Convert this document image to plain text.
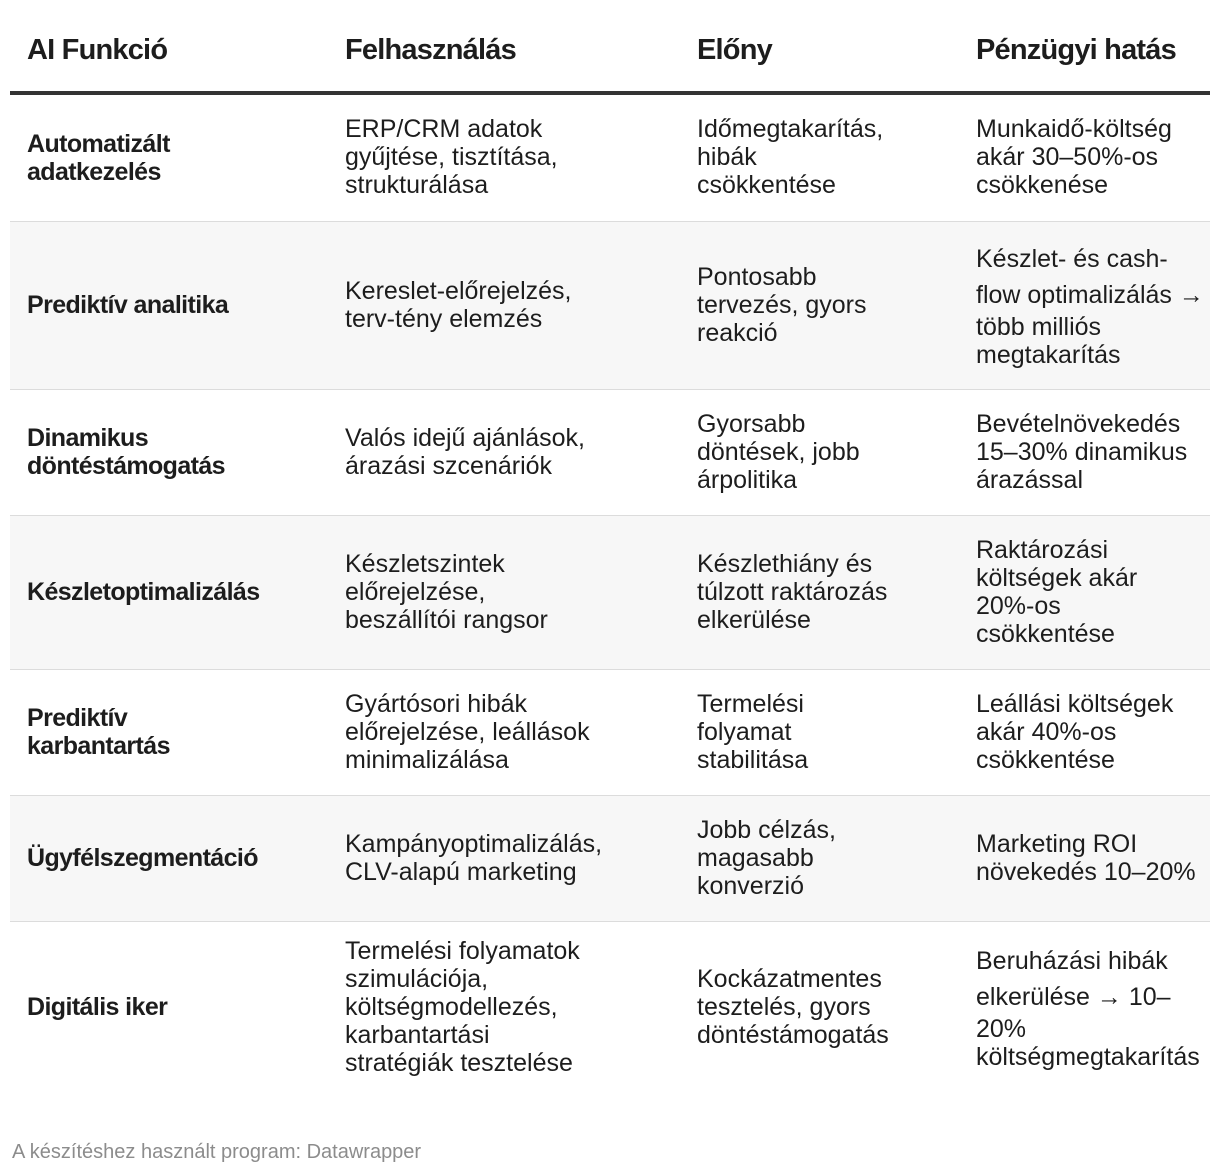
AI Funkció	Felhasználás	Előny	Pénzügyi hatás

Automatizált
adatkezelés	ERP/CRM adatok
gyűjtése, tisztítása,
strukturálása	Időmegtakarítás,
hibák
csökkentése	Munkaidő-költség
akár 30–50%-os
csökkenése

Prediktív analitika	Kereslet-előrejelzés,
terv-tény elemzés	Pontosabb
tervezés, gyors
reakció	Készlet- és cash-
flow optimalizálás →
több milliós
megtakarítás

Dinamikus
döntéstámogatás	Valós idejű ajánlások,
árazási szcenáriók	Gyorsabb
döntések, jobb
árpolitika	Bevételnövekedés
15–30% dinamikus
árazással

Készletoptimalizálás	Készletszintek
előrejelzése,
beszállítói rangsor	Készlethiány és
túlzott raktározás
elkerülése	Raktározási
költségek akár
20%-os
csökkentése

Prediktív
karbantartás	Gyártósori hibák
előrejelzése, leállások
minimalizálása	Termelési
folyamat
stabilitása	Leállási költségek
akár 40%-os
csökkentése

Ügyfélszegmentáció	Kampányoptimalizálás,
CLV-alapú marketing	Jobb célzás,
magasabb
konverzió	Marketing ROI
növekedés 10–20%

Digitális iker	Termelési folyamatok
szimulációja,
költségmodellezés,
karbantartási
stratégiák tesztelése	Kockázatmentes
tesztelés, gyors
döntéstámogatás	Beruházási hibák
elkerülése → 10–
20%
költségmegtakarítás
A készítéshez használt program: Datawrapper
